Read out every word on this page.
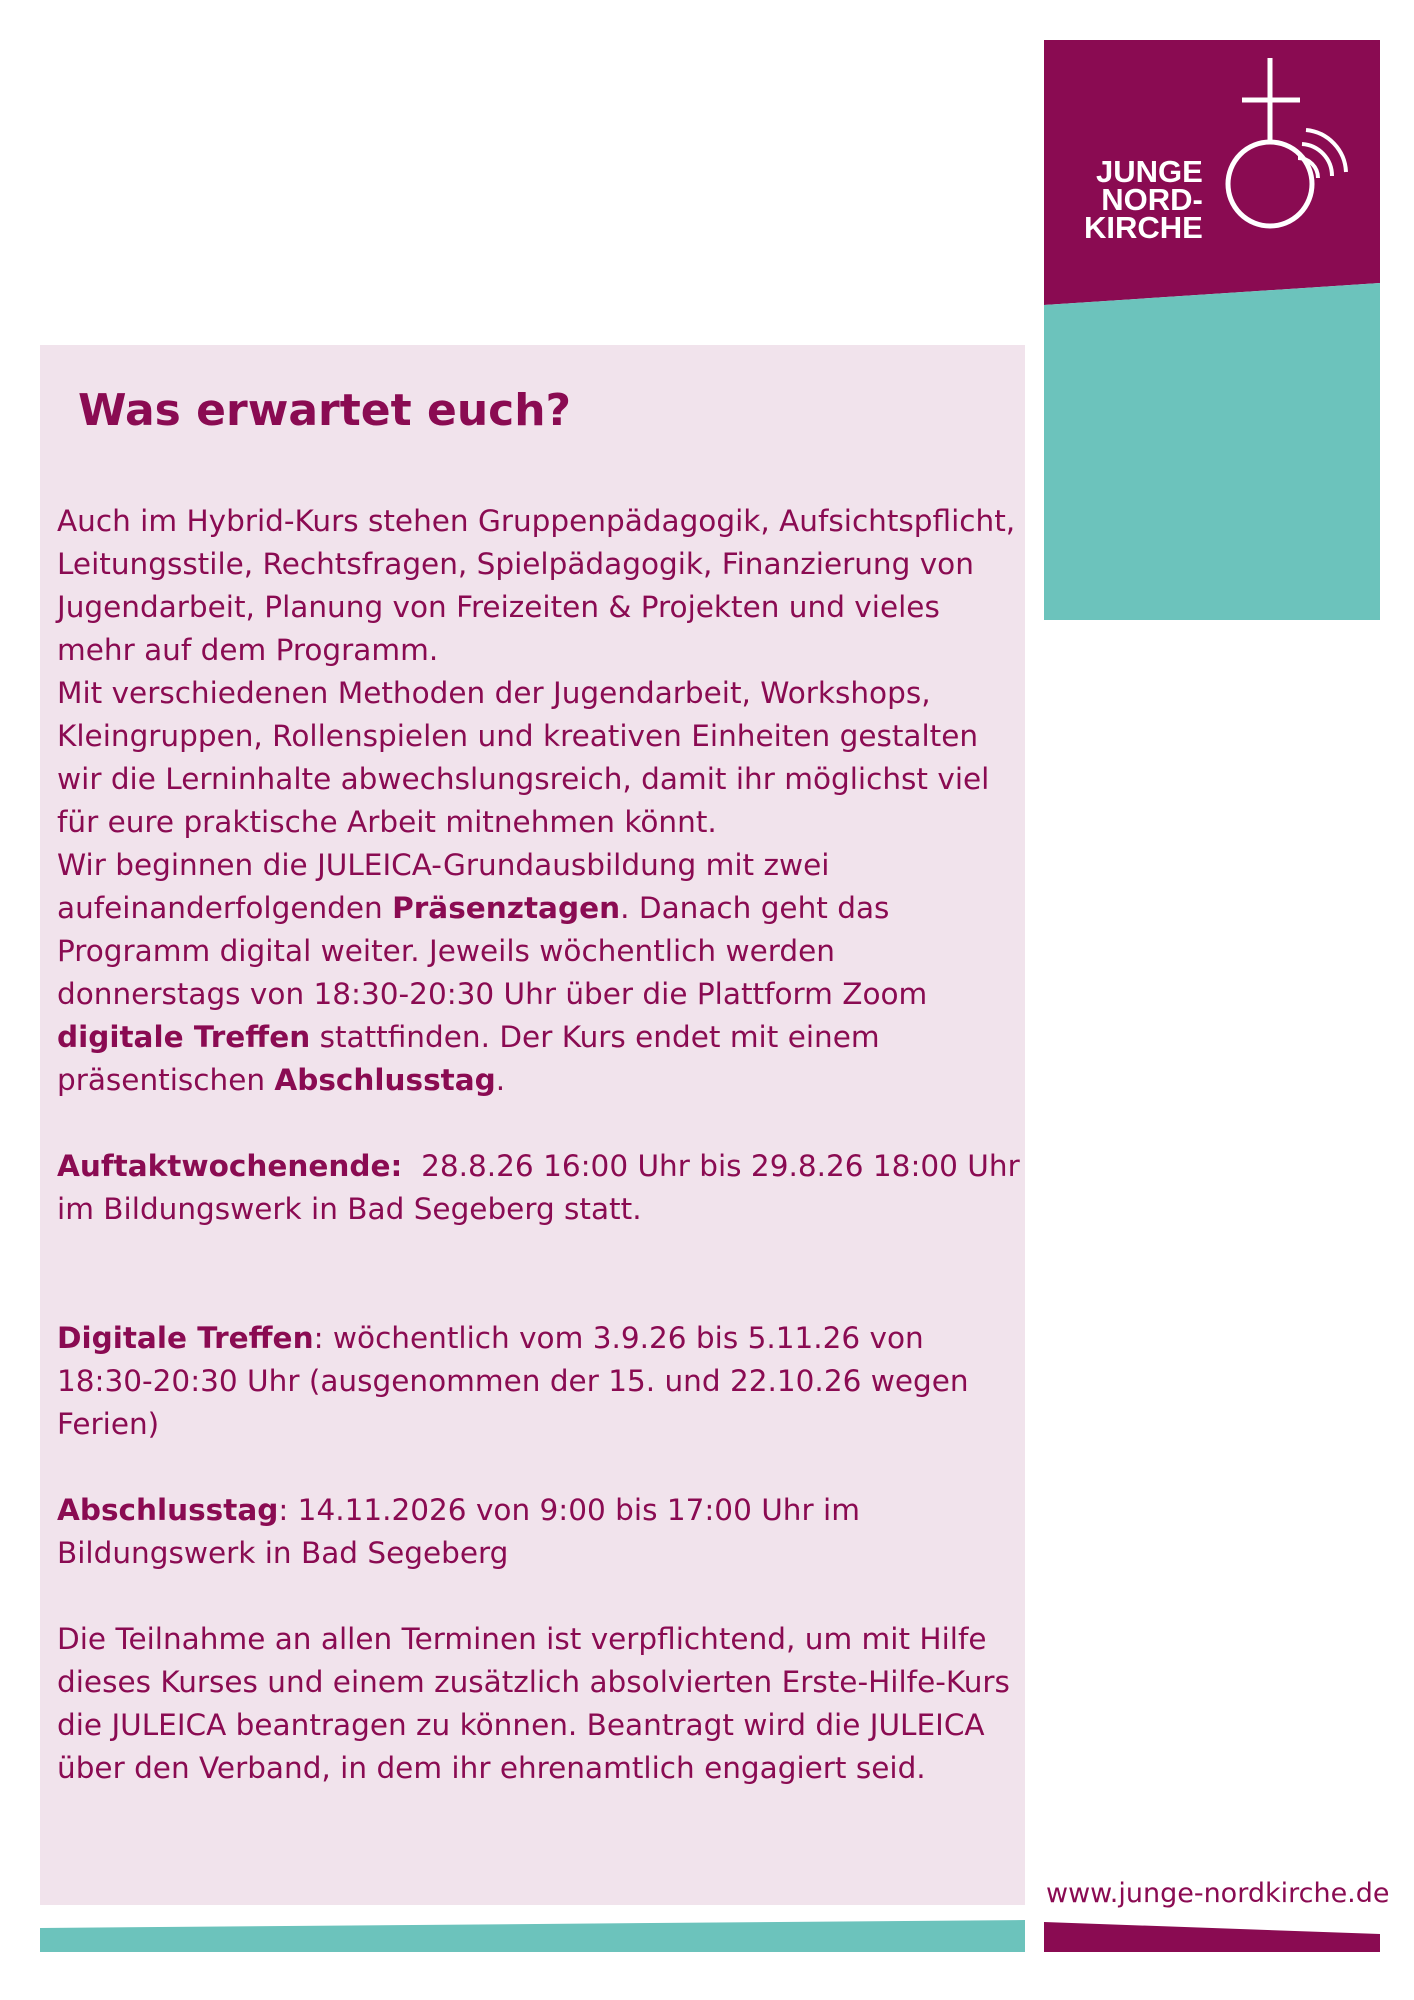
JUNGE
NORD-
KIRCHE
Was erwartet euch?

Auch im Hybrid-Kurs stehen Gruppenpädagogik, Aufsichtspflicht, Leitungsstile, Rechtsfragen, Spielpädagogik, Finanzierung von Jugendarbeit, Planung von Freizeiten & Projekten und vieles mehr auf dem Programm.

Mit verschiedenen Methoden der Jugendarbeit, Workshops, Kleingruppen, Rollenspielen und kreativen Einheiten gestalten wir die Lerninhalte abwechslungsreich, damit ihr möglichst viel für eure praktische Arbeit mitnehmen könnt.

Wir beginnen die JULEICA-Grundausbildung mit zwei aufeinanderfolgenden Präsenztagen. Danach geht das Programm digital weiter. Jeweils wöchentlich werden donnerstags von 18:30-20:30 Uhr über die Plattform Zoom digitale Treffen stattfinden. Der Kurs endet mit einem präsentischen Abschlusstag.

Auftaktwochenende:  28.8.26 16:00 Uhr bis 29.8.26 18:00 Uhr im Bildungswerk in Bad Segeberg statt.

Digitale Treffen: wöchentlich vom 3.9.26 bis 5.11.26 von 18:30-20:30 Uhr (ausgenommen der 15. und 22.10.26 wegen Ferien)

Abschlusstag: 14.11.2026 von 9:00 bis 17:00 Uhr im Bildungswerk in Bad Segeberg

Die Teilnahme an allen Terminen ist verpflichtend, um mit Hilfe dieses Kurses und einem zusätzlich absolvierten Erste-Hilfe-Kurs die JULEICA beantragen zu können. Beantragt wird die JULEICA über den Verband, in dem ihr ehrenamtlich engagiert seid.

www.junge-nordkirche.de
